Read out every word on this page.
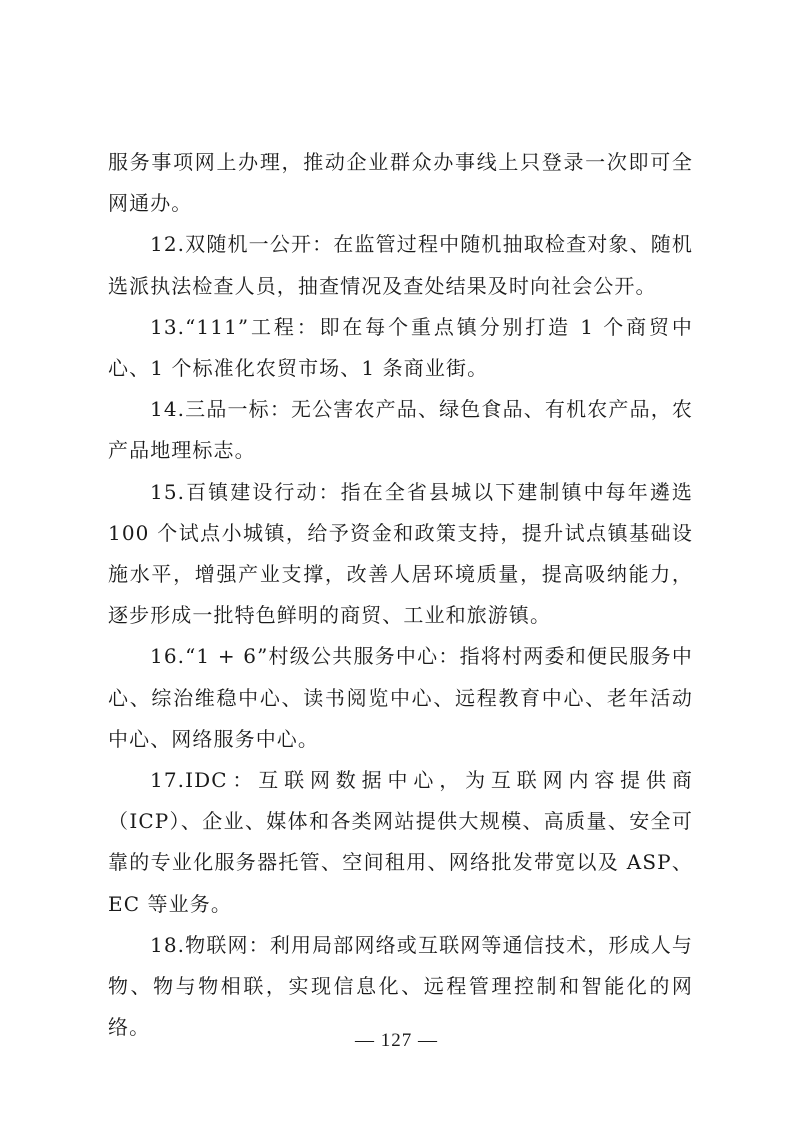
服务事项网上办理，推动企业群众办事线上只登录一次即可全网通办。

12.双随机一公开：在监管过程中随机抽取检查对象、随机选派执法检查人员，抽查情况及查处结果及时向社会公开。

13.“111”工程：即在每个重点镇分别打造 1 个商贸中心、1 个标准化农贸市场、1 条商业街。

14.三品一标：无公害农产品、绿色食品、有机农产品，农产品地理标志。

15.百镇建设行动：指在全省县城以下建制镇中每年遴选 100 个试点小城镇，给予资金和政策支持，提升试点镇基础设施水平，增强产业支撑，改善人居环境质量，提高吸纳能力，逐步形成一批特色鲜明的商贸、工业和旅游镇。

16.“1 + 6”村级公共服务中心：指将村两委和便民服务中心、综治维稳中心、读书阅览中心、远程教育中心、老年活动中心、网络服务中心。

17.IDC：互联网数据中心，为互联网内容提供商（ICP）、企业、媒体和各类网站提供大规模、高质量、安全可靠的专业化服务器托管、空间租用、网络批发带宽以及 ASP、EC 等业务。

18.物联网：利用局部网络或互联网等通信技术，形成人与物、物与物相联，实现信息化、远程管理控制和智能化的网络。

— 127 —
